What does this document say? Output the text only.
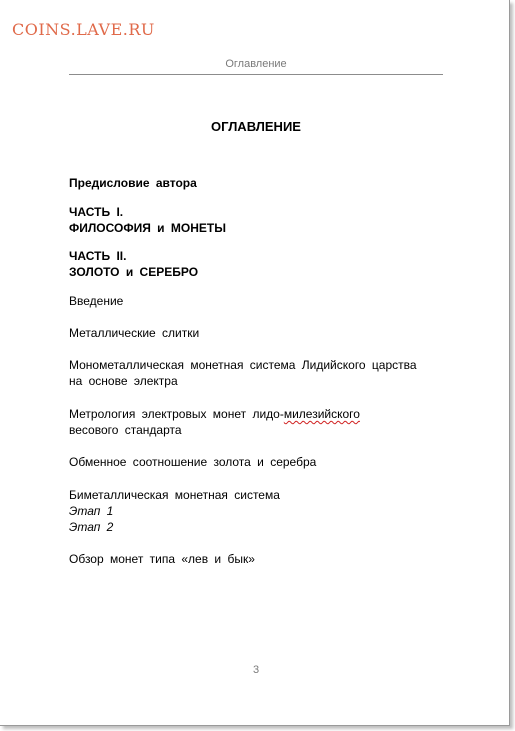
COINS.LAVE.RU
Оглавление
ОГЛАВЛЕНИЕ
Предисловие автора
ЧАСТЬ I.
ФИЛОСОФИЯ и МОНЕТЫ
ЧАСТЬ II.
ЗОЛОТО и СЕРЕБРО
Введение
Металлические слитки
Монометаллическая монетная система Лидийского царства
на основе электра
Метрология электровых монет лидо-милезийского
весового стандарта
Обменное соотношение золота и серебра
Биметаллическая монетная система
Этап 1
Этап 2
Обзор монет типа «лев и бык»
3
